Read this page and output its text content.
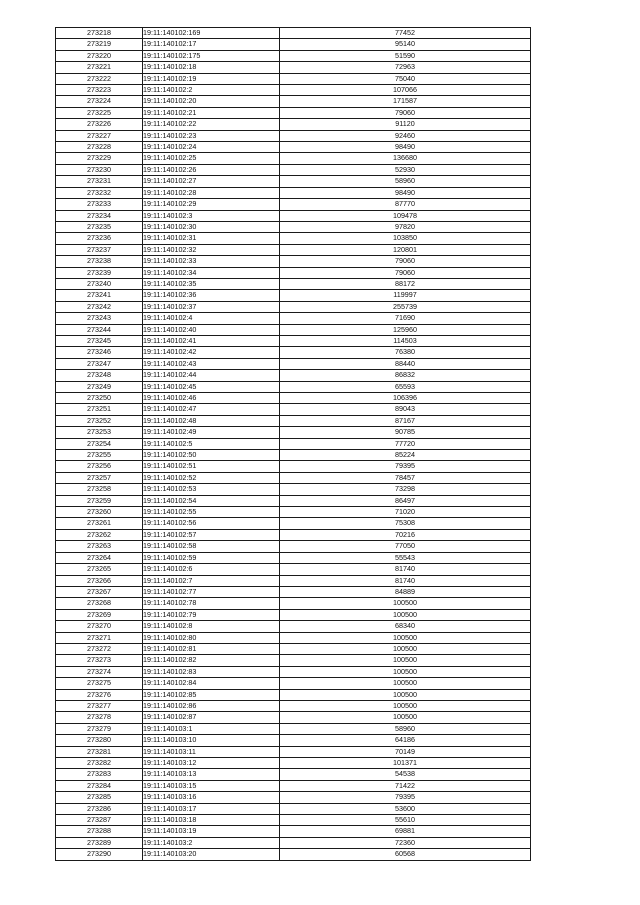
273218	19:11:140102:169	77452
273219	19:11:140102:17	95140
273220	19:11:140102:175	51590
273221	19:11:140102:18	72963
273222	19:11:140102:19	75040
273223	19:11:140102:2	107066
273224	19:11:140102:20	171587
273225	19:11:140102:21	79060
273226	19:11:140102:22	91120
273227	19:11:140102:23	92460
273228	19:11:140102:24	98490
273229	19:11:140102:25	136680
273230	19:11:140102:26	52930
273231	19:11:140102:27	58960
273232	19:11:140102:28	98490
273233	19:11:140102:29	87770
273234	19:11:140102:3	109478
273235	19:11:140102:30	97820
273236	19:11:140102:31	103850
273237	19:11:140102:32	120801
273238	19:11:140102:33	79060
273239	19:11:140102:34	79060
273240	19:11:140102:35	88172
273241	19:11:140102:36	119997
273242	19:11:140102:37	255739
273243	19:11:140102:4	71690
273244	19:11:140102:40	125960
273245	19:11:140102:41	114503
273246	19:11:140102:42	76380
273247	19:11:140102:43	88440
273248	19:11:140102:44	86832
273249	19:11:140102:45	65593
273250	19:11:140102:46	106396
273251	19:11:140102:47	89043
273252	19:11:140102:48	87167
273253	19:11:140102:49	90785
273254	19:11:140102:5	77720
273255	19:11:140102:50	85224
273256	19:11:140102:51	79395
273257	19:11:140102:52	78457
273258	19:11:140102:53	73298
273259	19:11:140102:54	86497
273260	19:11:140102:55	71020
273261	19:11:140102:56	75308
273262	19:11:140102:57	70216
273263	19:11:140102:58	77050
273264	19:11:140102:59	55543
273265	19:11:140102:6	81740
273266	19:11:140102:7	81740
273267	19:11:140102:77	84889
273268	19:11:140102:78	100500
273269	19:11:140102:79	100500
273270	19:11:140102:8	68340
273271	19:11:140102:80	100500
273272	19:11:140102:81	100500
273273	19:11:140102:82	100500
273274	19:11:140102:83	100500
273275	19:11:140102:84	100500
273276	19:11:140102:85	100500
273277	19:11:140102:86	100500
273278	19:11:140102:87	100500
273279	19:11:140103:1	58960
273280	19:11:140103:10	64186
273281	19:11:140103:11	70149
273282	19:11:140103:12	101371
273283	19:11:140103:13	54538
273284	19:11:140103:15	71422
273285	19:11:140103:16	79395
273286	19:11:140103:17	53600
273287	19:11:140103:18	55610
273288	19:11:140103:19	69881
273289	19:11:140103:2	72360
273290	19:11:140103:20	60568
